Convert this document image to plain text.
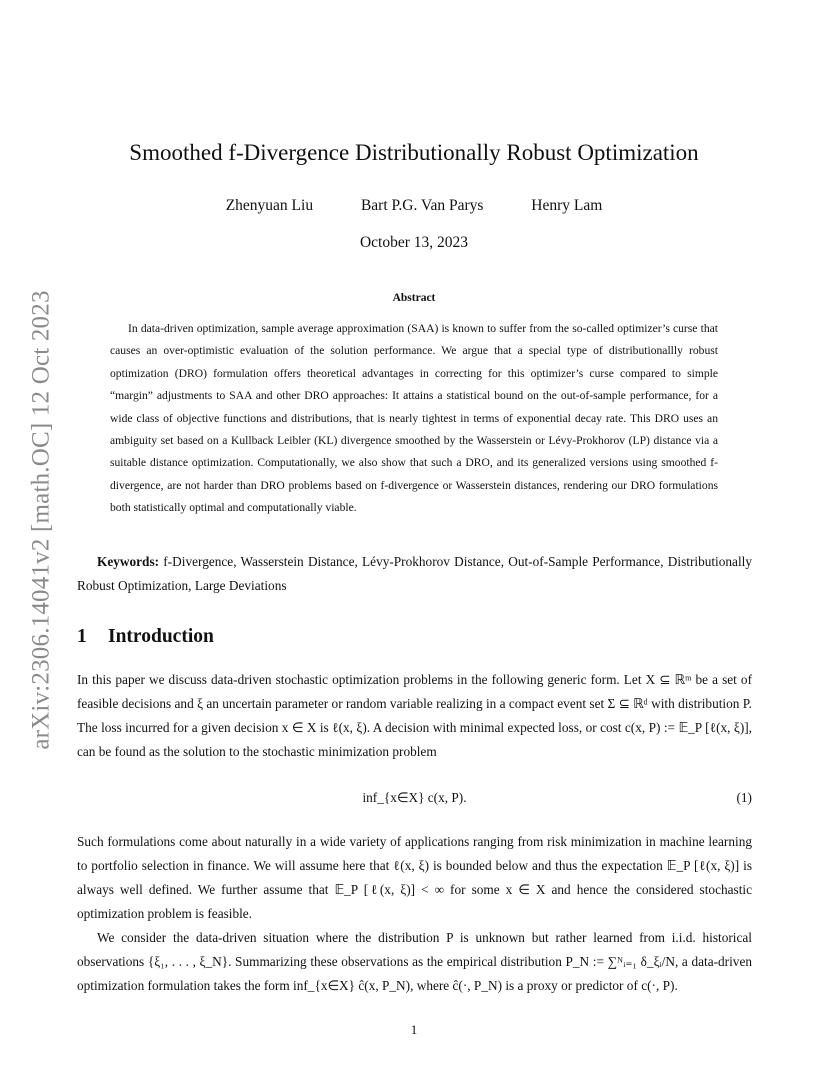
arXiv:2306.14041v2 [math.OC] 12 Oct 2023
Smoothed f-Divergence Distributionally Robust Optimization
Zhenyuan Liu	Bart P.G. Van Parys	Henry Lam
October 13, 2023
Abstract
In data-driven optimization, sample average approximation (SAA) is known to suffer from the so-called optimizer’s curse that causes an over-optimistic evaluation of the solution performance. We argue that a special type of distributionallly robust optimization (DRO) formulation offers theoretical advantages in correcting for this optimizer’s curse compared to simple “margin” adjustments to SAA and other DRO approaches: It attains a statistical bound on the out-of-sample performance, for a wide class of objective functions and distributions, that is nearly tightest in terms of exponential decay rate. This DRO uses an ambiguity set based on a Kullback Leibler (KL) divergence smoothed by the Wasserstein or Lévy-Prokhorov (LP) distance via a suitable distance optimization. Computationally, we also show that such a DRO, and its generalized versions using smoothed f-divergence, are not harder than DRO problems based on f-divergence or Wasserstein distances, rendering our DRO formulations both statistically optimal and computationally viable.
Keywords: f-Divergence, Wasserstein Distance, Lévy-Prokhorov Distance, Out-of-Sample Performance, Distributionally Robust Optimization, Large Deviations
1 Introduction
In this paper we discuss data-driven stochastic optimization problems in the following generic form. Let X ⊆ ℝᵐ be a set of feasible decisions and ξ an uncertain parameter or random variable realizing in a compact event set Σ ⊆ ℝᵈ with distribution P. The loss incurred for a given decision x ∈ X is ℓ(x, ξ). A decision with minimal expected loss, or cost c(x, P) := 𝔼_P [ℓ(x, ξ)], can be found as the solution to the stochastic minimization problem
inf_{x∈X} c(x, P).	(1)
Such formulations come about naturally in a wide variety of applications ranging from risk minimization in machine learning to portfolio selection in finance. We will assume here that ℓ(x, ξ) is bounded below and thus the expectation 𝔼_P [ℓ(x, ξ)] is always well defined. We further assume that 𝔼_P [ℓ(x, ξ)] < ∞ for some x ∈ X and hence the considered stochastic optimization problem is feasible.
We consider the data-driven situation where the distribution P is unknown but rather learned from i.i.d. historical observations {ξ₁, . . . , ξ_N}. Summarizing these observations as the empirical distribution P_N := ∑ᴺᵢ₌₁ δ_ξᵢ/N, a data-driven optimization formulation takes the form inf_{x∈X} ĉ(x, P_N), where ĉ(·, P_N) is a proxy or predictor of c(·, P).
1
